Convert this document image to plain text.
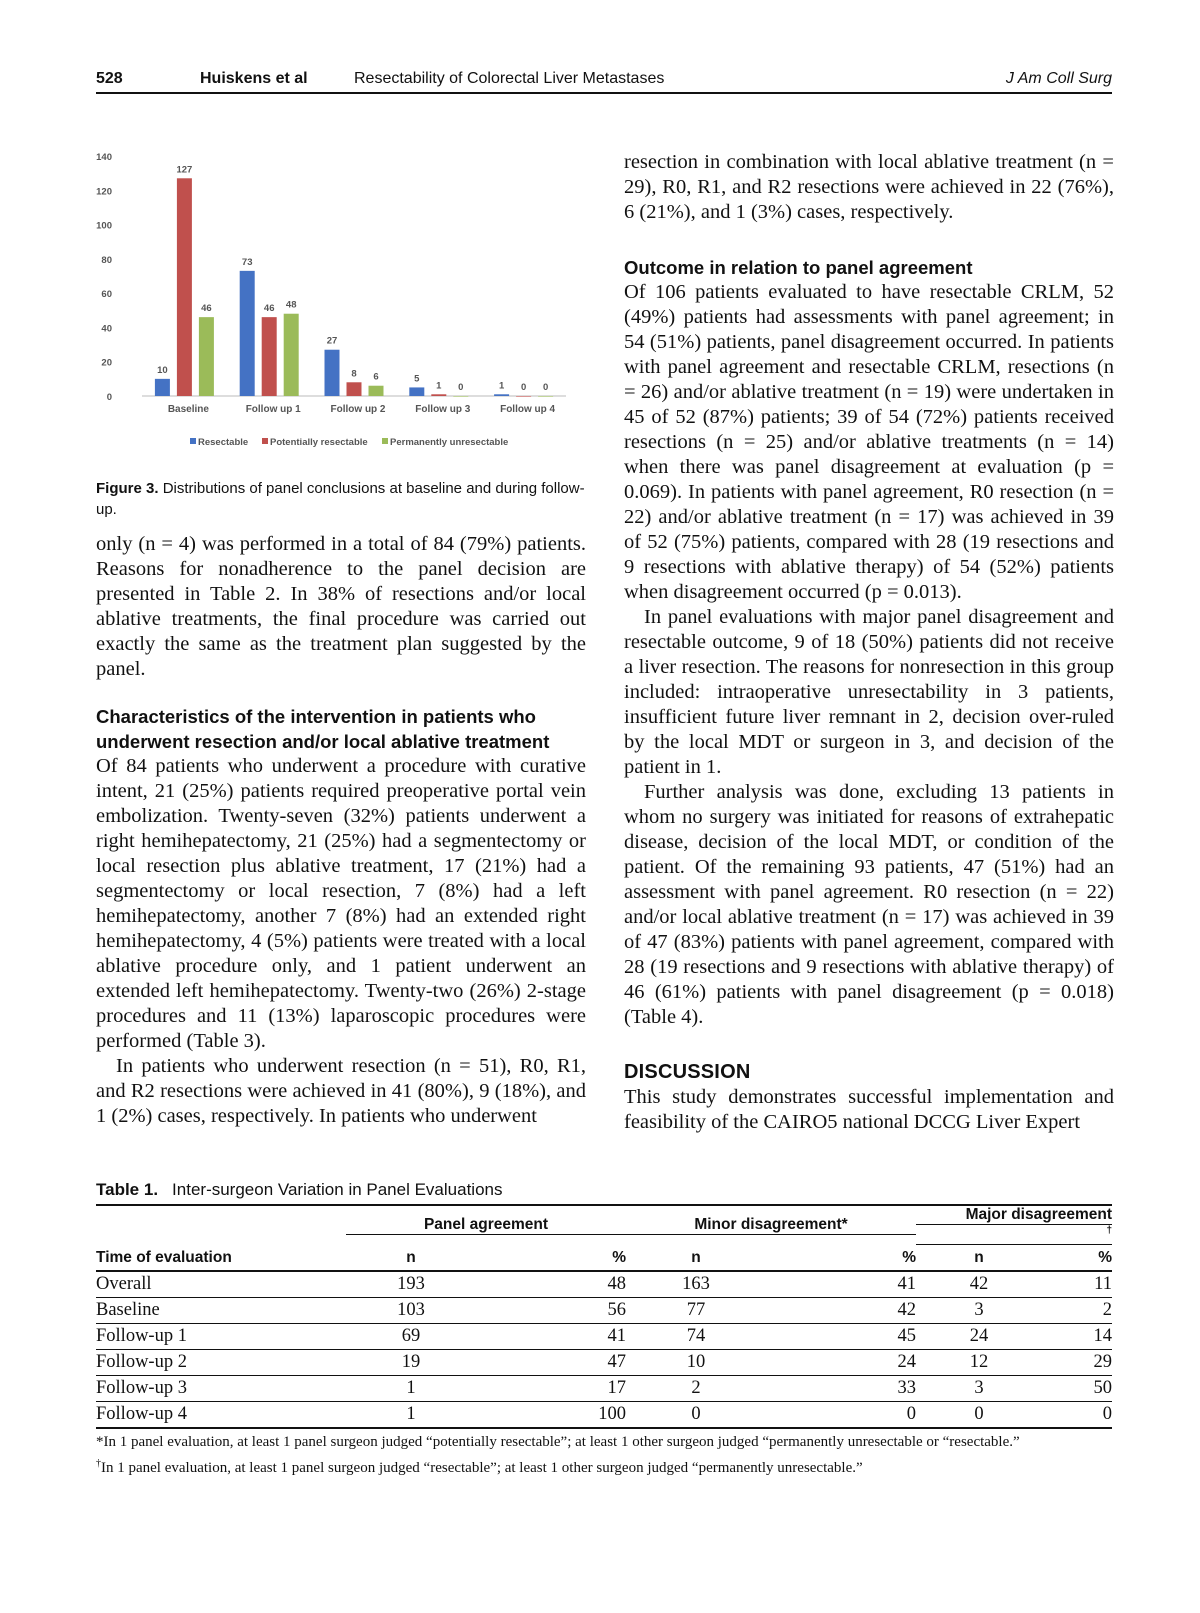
528	Huiskens et al	Resectability of Colorectal Liver Metastases	J Am Coll Surg
0
20
40
60
80
100
120
140
Baseline
10
127
46
Follow up 1
73
46 48
Follow up 2
27
8 6
Follow up 3
5
1 0
Follow up 4
1 0 0
Resectable Potentially resectable Permanently unresectable
Figure 3. Distributions of panel conclusions at baseline and during follow-up.

only (n = 4) was performed in a total of 84 (79%) patients. Reasons for nonadherence to the panel decision are presented in Table 2. In 38% of resections and/or local ablative treatments, the final procedure was carried out exactly the same as the treatment plan suggested by the panel.

Characteristics of the intervention in patients who underwent resection and/or local ablative treatment

Of 84 patients who underwent a procedure with curative intent, 21 (25%) patients required preoperative portal vein embolization. Twenty-seven (32%) patients underwent a right hemihepatectomy, 21 (25%) had a segmentectomy or local resection plus ablative treatment, 17 (21%) had a segmentectomy or local resection, 7 (8%) had a left hemihepatectomy, another 7 (8%) had an extended right hemihepatectomy, 4 (5%) patients were treated with a local ablative procedure only, and 1 patient underwent an extended left hemihepatectomy. Twenty-two (26%) 2-stage procedures and 11 (13%) laparoscopic procedures were performed (Table 3).

In patients who underwent resection (n = 51), R0, R1, and R2 resections were achieved in 41 (80%), 9 (18%), and 1 (2%) cases, respectively. In patients who underwent

resection in combination with local ablative treatment (n = 29), R0, R1, and R2 resections were achieved in 22 (76%), 6 (21%), and 1 (3%) cases, respectively.

Outcome in relation to panel agreement

Of 106 patients evaluated to have resectable CRLM, 52 (49%) patients had assessments with panel agreement; in 54 (51%) patients, panel disagreement occurred. In patients with panel agreement and resectable CRLM, resections (n = 26) and/or ablative treatment (n = 19) were undertaken in 45 of 52 (87%) patients; 39 of 54 (72%) patients received resections (n = 25) and/or ablative treatments (n = 14) when there was panel disagreement at evaluation (p = 0.069). In patients with panel agreement, R0 resection (n = 22) and/or ablative treatment (n = 17) was achieved in 39 of 52 (75%) patients, compared with 28 (19 resections and 9 resections with ablative therapy) of 54 (52%) patients when disagreement occurred (p = 0.013).

In panel evaluations with major panel disagreement and resectable outcome, 9 of 18 (50%) patients did not receive a liver resection. The reasons for nonresection in this group included: intraoperative unresectability in 3 patients, insufficient future liver remnant in 2, decision over-ruled by the local MDT or surgeon in 3, and decision of the patient in 1.

Further analysis was done, excluding 13 patients in whom no surgery was initiated for reasons of extrahepatic disease, decision of the local MDT, or condition of the patient. Of the remaining 93 patients, 47 (51%) had an assessment with panel agreement. R0 resection (n = 22) and/or local ablative treatment (n = 17) was achieved in 39 of 47 (83%) patients with panel agreement, compared with 28 (19 resections and 9 resections with ablative therapy) of 46 (61%) patients with panel disagreement (p = 0.018) (Table 4).

DISCUSSION

This study demonstrates successful implementation and feasibility of the CAIRO5 national DCCG Liver Expert

Table 1. Inter-surgeon Variation in Panel Evaluations
	Panel agreement		Minor disagreement*		Major disagreement†
Time of evaluation	n	%	n	%	n	%
Overall	193	48	163	41	42	11
Baseline	103	56	77	42	3	2
Follow-up 1	69	41	74	45	24	14
Follow-up 2	19	47	10	24	12	29
Follow-up 3	1	17	2	33	3	50
Follow-up 4	1	100	0	0	0	0
*In 1 panel evaluation, at least 1 panel surgeon judged “potentially resectable”; at least 1 other surgeon judged “permanently unresectable or “resectable.”
†In 1 panel evaluation, at least 1 panel surgeon judged “resectable”; at least 1 other surgeon judged “permanently unresectable.”
